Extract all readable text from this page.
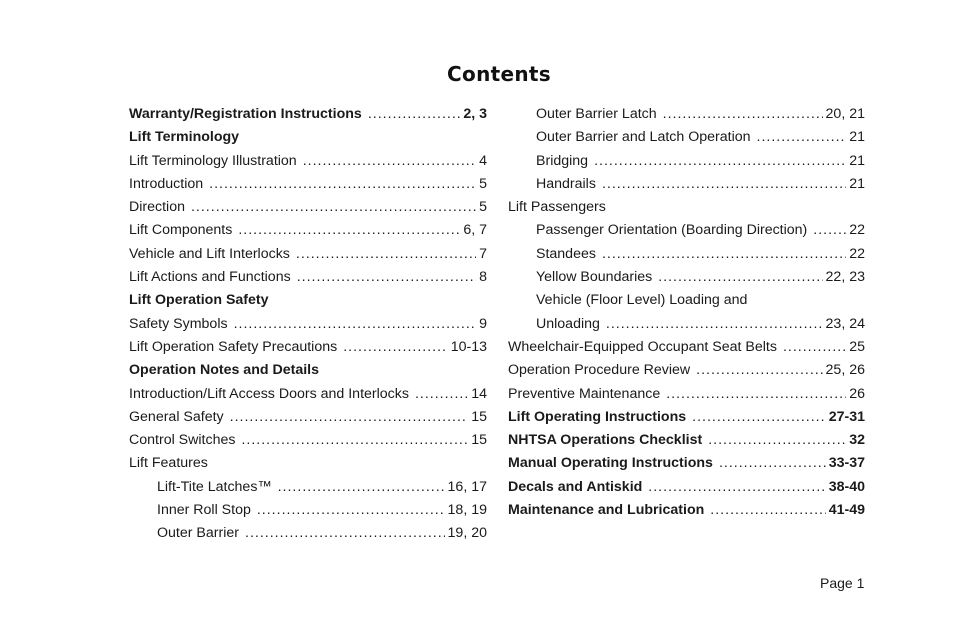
Contents
Warranty/Registration Instructions .....	2, 3
Lift Terminology
Lift Terminology Illustration .....	4
Introduction .....	5
Direction .....	5
Lift Components .....	6, 7
Vehicle and Lift Interlocks .....	7
Lift Actions and Functions .....	8
Lift Operation Safety
Safety Symbols .....	9
Lift Operation Safety Precautions .....	10-13
Operation Notes and Details
Introduction/Lift Access Doors and Interlocks .....	14
General Safety .....	15
Control Switches .....	15
Lift Features
Lift-Tite Latches™ .....	16, 17
Inner Roll Stop .....	18, 19
Outer Barrier .....	19, 20
Outer Barrier Latch .....	20, 21
Outer Barrier and Latch Operation .....	21
Bridging .....	21
Handrails .....	21
Lift Passengers
Passenger Orientation (Boarding Direction) .....	22
Standees .....	22
Yellow Boundaries .....	22, 23
Vehicle (Floor Level) Loading and
Unloading .....	23, 24
Wheelchair-Equipped Occupant Seat Belts .....	25
Operation Procedure Review .....	25, 26
Preventive Maintenance .....	26
Lift Operating Instructions .....	27-31
NHTSA Operations Checklist .....	32
Manual Operating Instructions .....	33-37
Decals and Antiskid .....	38-40
Maintenance and Lubrication .....	41-49
Page 1
